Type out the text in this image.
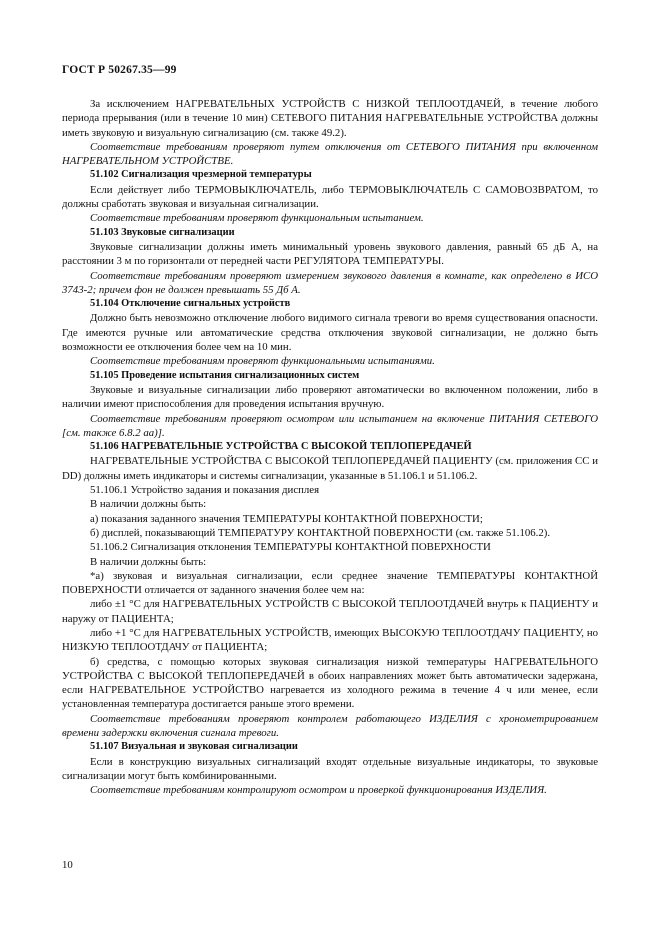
ГОСТ Р 50267.35—99

За исключением НАГРЕВАТЕЛЬНЫХ УСТРОЙСТВ С НИЗКОЙ ТЕПЛООТДАЧЕЙ, в течение любого периода прерывания (или в течение 10 мин) СЕТЕВОГО ПИТАНИЯ НАГРЕВАТЕЛЬНЫЕ УСТРОЙСТВА должны иметь звуковую и визуальную сигнализацию (см. также 49.2).

Соответствие требованиям проверяют путем отключения от СЕТЕВОГО ПИТАНИЯ при включенном НАГРЕВАТЕЛЬНОМ УСТРОЙСТВЕ.

51.102 Сигнализация чрезмерной температуры

Если действует либо ТЕРМОВЫКЛЮЧАТЕЛЬ, либо ТЕРМОВЫКЛЮЧАТЕЛЬ С САМОВОЗВРАТОМ, то должны сработать звуковая и визуальная сигнализации.

Соответствие требованиям проверяют функциональным испытанием.

51.103 Звуковые сигнализации

Звуковые сигнализации должны иметь минимальный уровень звукового давления, равный 65 дБ А, на расстоянии 3 м по горизонтали от передней части РЕГУЛЯТОРА ТЕМПЕРАТУРЫ.

Соответствие требованиям проверяют измерением звукового давления в комнате, как определено в ИСО 3743-2; причем фон не должен превышать 55 Дб А.

51.104 Отключение сигнальных устройств

Должно быть невозможно отключение любого видимого сигнала тревоги во время существования опасности. Где имеются ручные или автоматические средства отключения звуковой сигнализации, не должно быть возможности ее отключения более чем на 10 мин.

Соответствие требованиям проверяют функциональными испытаниями.

51.105 Проведение испытания сигнализационных систем

Звуковые и визуальные сигнализации либо проверяют автоматически во включенном положении, либо в наличии имеют приспособления для проведения испытания вручную.

Соответствие требованиям проверяют осмотром или испытанием на включение ПИТАНИЯ СЕТЕВОГО [см. также 6.8.2 аа)].

51.106 НАГРЕВАТЕЛЬНЫЕ УСТРОЙСТВА С ВЫСОКОЙ ТЕПЛОПЕРЕДАЧЕЙ

НАГРЕВАТЕЛЬНЫЕ УСТРОЙСТВА С ВЫСОКОЙ ТЕПЛОПЕРЕДАЧЕЙ ПАЦИЕНТУ (см. приложения СС и DD) должны иметь индикаторы и системы сигнализации, указанные в 51.106.1 и 51.106.2.

51.106.1 Устройство задания и показания дисплея

В наличии должны быть:

а) показания заданного значения ТЕМПЕРАТУРЫ КОНТАКТНОЙ ПОВЕРХНОСТИ;

б) дисплей, показывающий ТЕМПЕРАТУРУ КОНТАКТНОЙ ПОВЕРХНОСТИ (см. также 51.106.2).

51.106.2 Сигнализация отклонения ТЕМПЕРАТУРЫ КОНТАКТНОЙ ПОВЕРХНОСТИ

В наличии должны быть:

*а) звуковая и визуальная сигнализации, если среднее значение ТЕМПЕРАТУРЫ КОНТАКТНОЙ ПОВЕРХНОСТИ отличается от заданного значения более чем на:

либо ±1 °С для НАГРЕВАТЕЛЬНЫХ УСТРОЙСТВ С ВЫСОКОЙ ТЕПЛООТДАЧЕЙ внутрь к ПАЦИЕНТУ и наружу от ПАЦИЕНТА;

либо +1 °С для НАГРЕВАТЕЛЬНЫХ УСТРОЙСТВ, имеющих ВЫСОКУЮ ТЕПЛООТДАЧУ ПАЦИЕНТУ, но НИЗКУЮ ТЕПЛООТДАЧУ от ПАЦИЕНТА;

б) средства, с помощью которых звуковая сигнализация низкой температуры НАГРЕВАТЕЛЬНОГО УСТРОЙСТВА С ВЫСОКОЙ ТЕПЛОПЕРЕДАЧЕЙ в обоих направлениях может быть автоматически задержана, если НАГРЕВАТЕЛЬНОЕ УСТРОЙСТВО нагревается из холодного режима в течение 4 ч или менее, если установленная температура достигается раньше этого времени.

Соответствие требованиям проверяют контролем работающего ИЗДЕЛИЯ с хронометрированием времени задержки включения сигнала тревоги.

51.107 Визуальная и звуковая сигнализации

Если в конструкцию визуальных сигнализаций входят отдельные визуальные индикаторы, то звуковые сигнализации могут быть комбинированными.

Соответствие требованиям контролируют осмотром и проверкой функционирования ИЗДЕЛИЯ.

10
